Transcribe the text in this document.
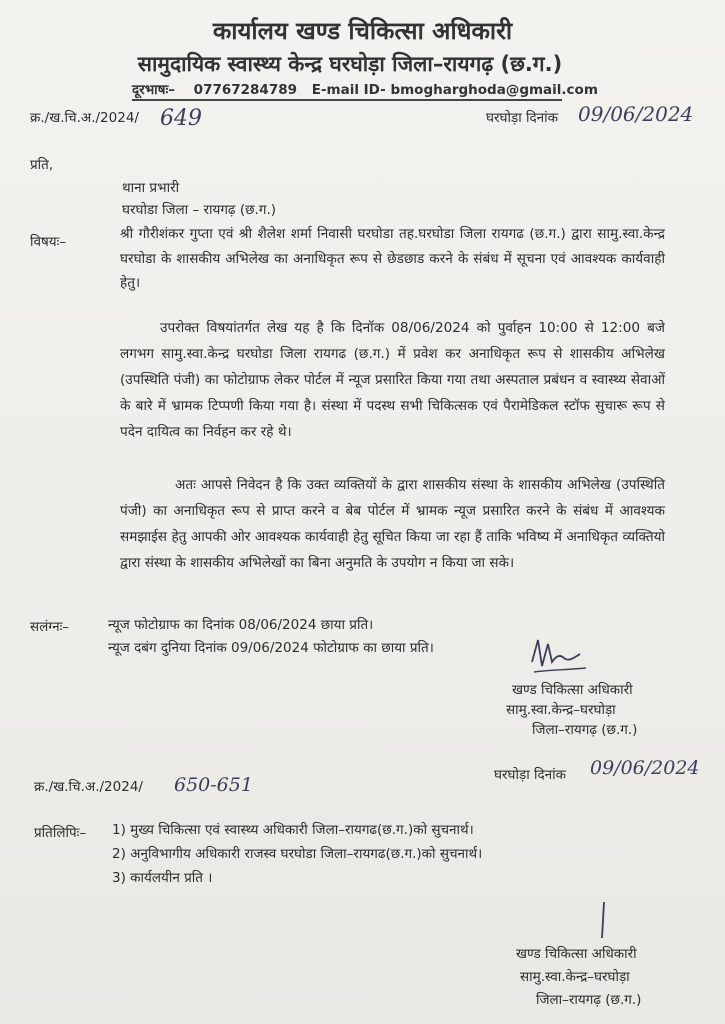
कार्यालय खण्ड चिकित्सा अधिकारी
सामुदायिक स्वास्थ्य केन्द्र घरघोड़ा जिला–रायगढ़ (छ.ग.)
दूरभाषः– 07767284789 E-mail ID- bmogharghoda@gmail.com
क्र./ख.चि.अ./2024/ 649	घरघोड़ा दिनांक 09/06/2024
प्रति,
थाना प्रभारी
घरघोडा जिला – रायगढ़ (छ.ग.)
विषयः–	श्री गौरीशंकर गुप्ता एवं श्री शैलेश शर्मा निवासी घरघोडा तह.घरघोडा जिला रायगढ (छ.ग.) द्वारा सामु.स्वा.केन्द्र घरघोडा के शासकीय अभिलेख का अनाधिकृत रूप से छेडछाड करने के संबंध में सूचना एवं आवश्यक कार्यवाही हेतु।

उपरोक्त विषयांतर्गत लेख यह है कि दिनॉक 08/06/2024 को पुर्वाहन 10:00 से 12:00 बजे लगभग सामु.स्वा.केन्द्र घरघोडा जिला रायगढ (छ.ग.) में प्रवेश कर अनाधिकृत रूप से शासकीय अभिलेख (उपस्थिति पंजी) का फोटोग्राफ लेकर पोर्टल में न्यूज प्रसारित किया गया तथा अस्पताल प्रबंधन व स्वास्थ्य सेवाओं के बारे में भ्रामक टिप्पणी किया गया है। संस्था में पदस्थ सभी चिकित्सक एवं पैरामेडिकल स्टॉफ सुचारू रूप से पदेन दायित्व का निर्वहन कर रहे थे।

अतः आपसे निवेदन है कि उक्त व्यक्तियों के द्वारा शासकीय संस्था के शासकीय अभिलेख (उपस्थिति पंजी) का अनाधिकृत रूप से प्राप्त करने व बेब पोर्टल में भ्रामक न्यूज प्रसारित करने के संबंध में आवश्यक समझाईस हेतु आपकी ओर आवश्यक कार्यवाही हेतु सूचित किया जा रहा हैं ताकि भविष्य में अनाधिकृत व्यक्तियो द्वारा संस्था के शासकीय अभिलेखों का बिना अनुमति के उपयोग न किया जा सके।

सलंग्नः–	न्यूज फोटोग्राफ का दिनांक 08/06/2024 छाया प्रति।
न्यूज दबंग दुनिया दिनांक 09/06/2024 फोटोग्राफ का छाया प्रति।
खण्ड चिकित्सा अधिकारी
सामु.स्वा.केन्द्र–घरघोड़ा
जिला–रायगढ़ (छ.ग.)
क्र./ख.चि.अ./2024/ 650-651	घरघोड़ा दिनांक 09/06/2024
प्रतिलिपिः– 1) मुख्य चिकित्सा एवं स्वास्थ्य अधिकारी जिला–रायगढ(छ.ग.)को सुचनार्थ।
2) अनुविभागीय अधिकारी राजस्व घरघोडा जिला–रायगढ(छ.ग.)को सुचनार्थ।
3) कार्यलयीन प्रति ।
खण्ड चिकित्सा अधिकारी
सामु.स्वा.केन्द्र–घरघोड़ा
जिला–रायगढ़ (छ.ग.)
